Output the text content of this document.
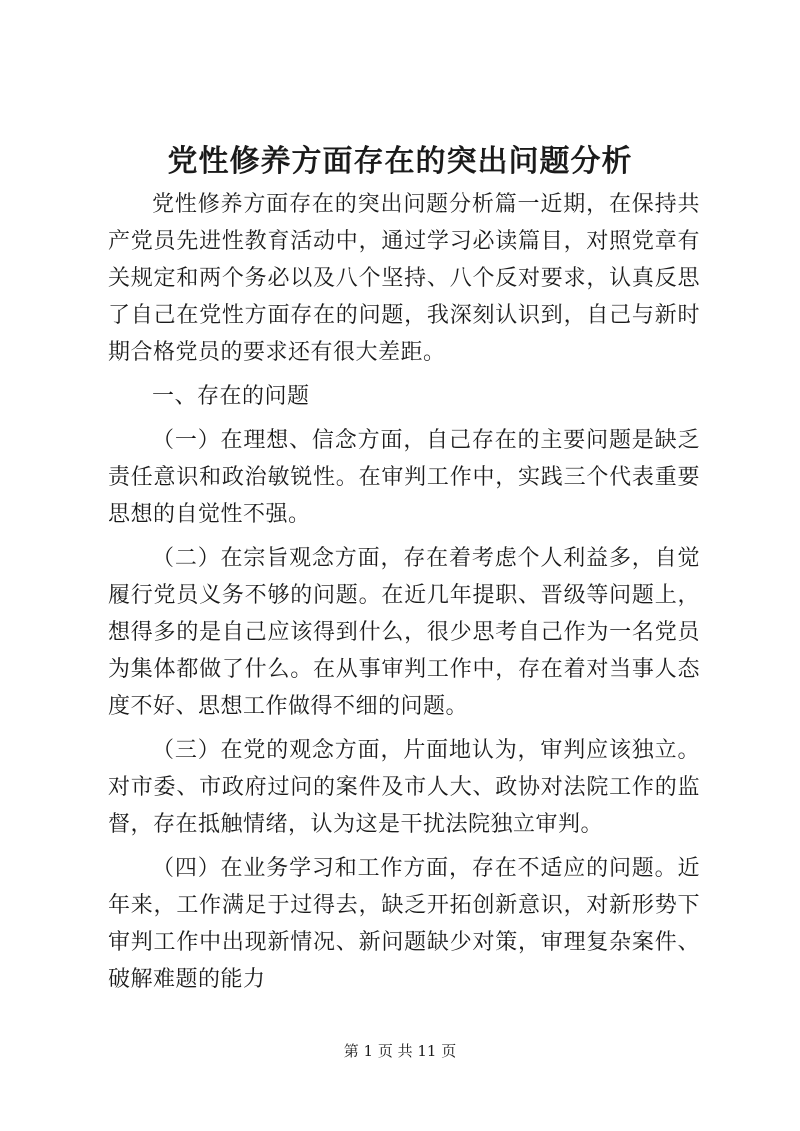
党性修养方面存在的突出问题分析

党性修养方面存在的突出问题分析篇一近期，在保持共产党员先进性教育活动中，通过学习必读篇目，对照党章有关规定和两个务必以及八个坚持、八个反对要求，认真反思了自己在党性方面存在的问题，我深刻认识到，自己与新时期合格党员的要求还有很大差距。

一、存在的问题

（一）在理想、信念方面，自己存在的主要问题是缺乏责任意识和政治敏锐性。在审判工作中，实践三个代表重要思想的自觉性不强。

（二）在宗旨观念方面，存在着考虑个人利益多，自觉履行党员义务不够的问题。在近几年提职、晋级等问题上，想得多的是自己应该得到什么，很少思考自己作为一名党员为集体都做了什么。在从事审判工作中，存在着对当事人态度不好、思想工作做得不细的问题。

（三）在党的观念方面，片面地认为，审判应该独立。对市委、市政府过问的案件及市人大、政协对法院工作的监督，存在抵触情绪，认为这是干扰法院独立审判。

（四）在业务学习和工作方面，存在不适应的问题。近年来，工作满足于过得去，缺乏开拓创新意识，对新形势下审判工作中出现新情况、新问题缺少对策，审理复杂案件、破解难题的能力

第 1 页 共 11 页
